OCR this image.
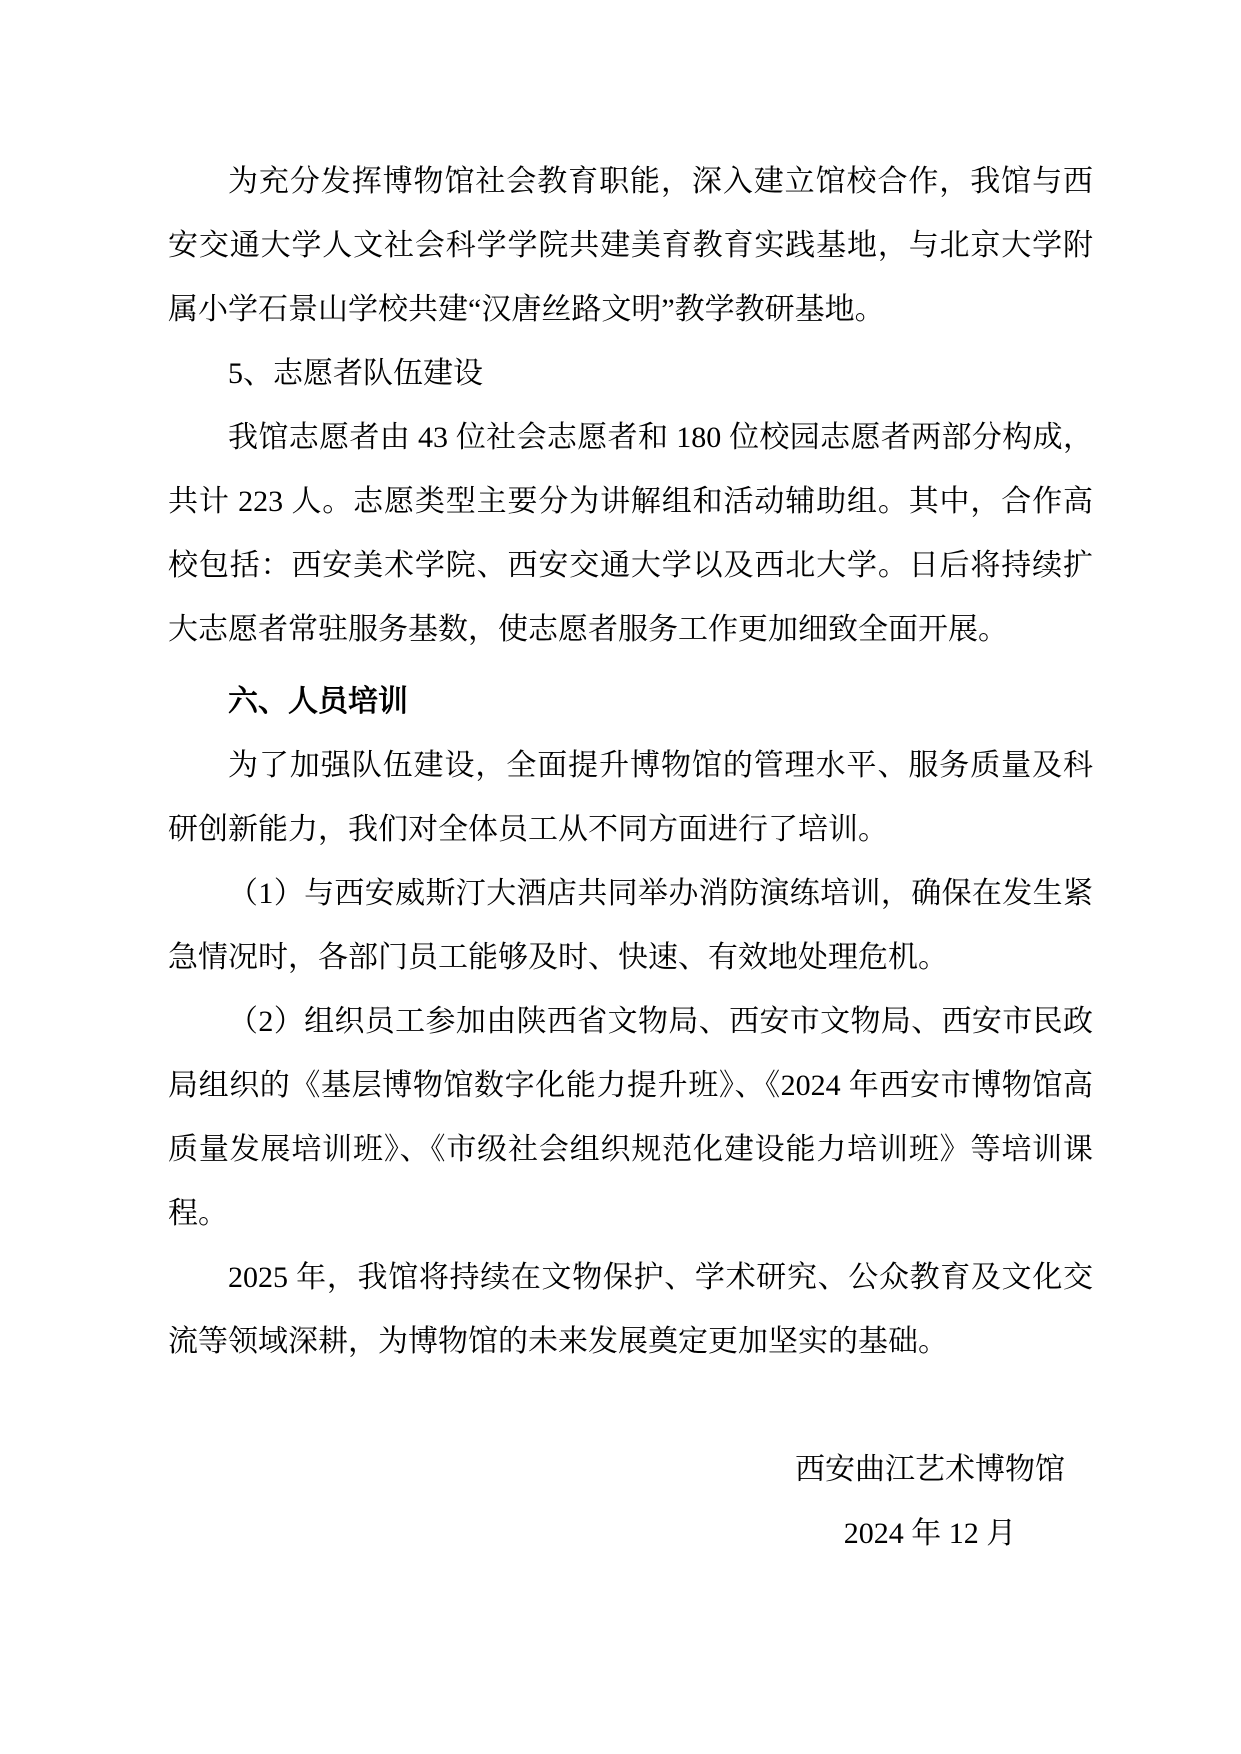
为充分发挥博物馆社会教育职能，深入建立馆校合作，我馆与西安交通大学人文社会科学学院共建美育教育实践基地，与北京大学附属小学石景山学校共建“汉唐丝路文明”教学教研基地。

5、志愿者队伍建设

我馆志愿者由 43 位社会志愿者和 180 位校园志愿者两部分构成，共计 223 人。志愿类型主要分为讲解组和活动辅助组。其中，合作高校包括：西安美术学院、西安交通大学以及西北大学。日后将持续扩大志愿者常驻服务基数，使志愿者服务工作更加细致全面开展。

六、人员培训

为了加强队伍建设，全面提升博物馆的管理水平、服务质量及科研创新能力，我们对全体员工从不同方面进行了培训。

（1）与西安威斯汀大酒店共同举办消防演练培训，确保在发生紧急情况时，各部门员工能够及时、快速、有效地处理危机。

（2）组织员工参加由陕西省文物局、西安市文物局、西安市民政局组织的《基层博物馆数字化能力提升班》、《2024 年西安市博物馆高质量发展培训班》、《市级社会组织规范化建设能力培训班》等培训课程。

2025 年，我馆将持续在文物保护、学术研究、公众教育及文化交流等领域深耕，为博物馆的未来发展奠定更加坚实的基础。

西安曲江艺术博物馆
2024 年 12 月
